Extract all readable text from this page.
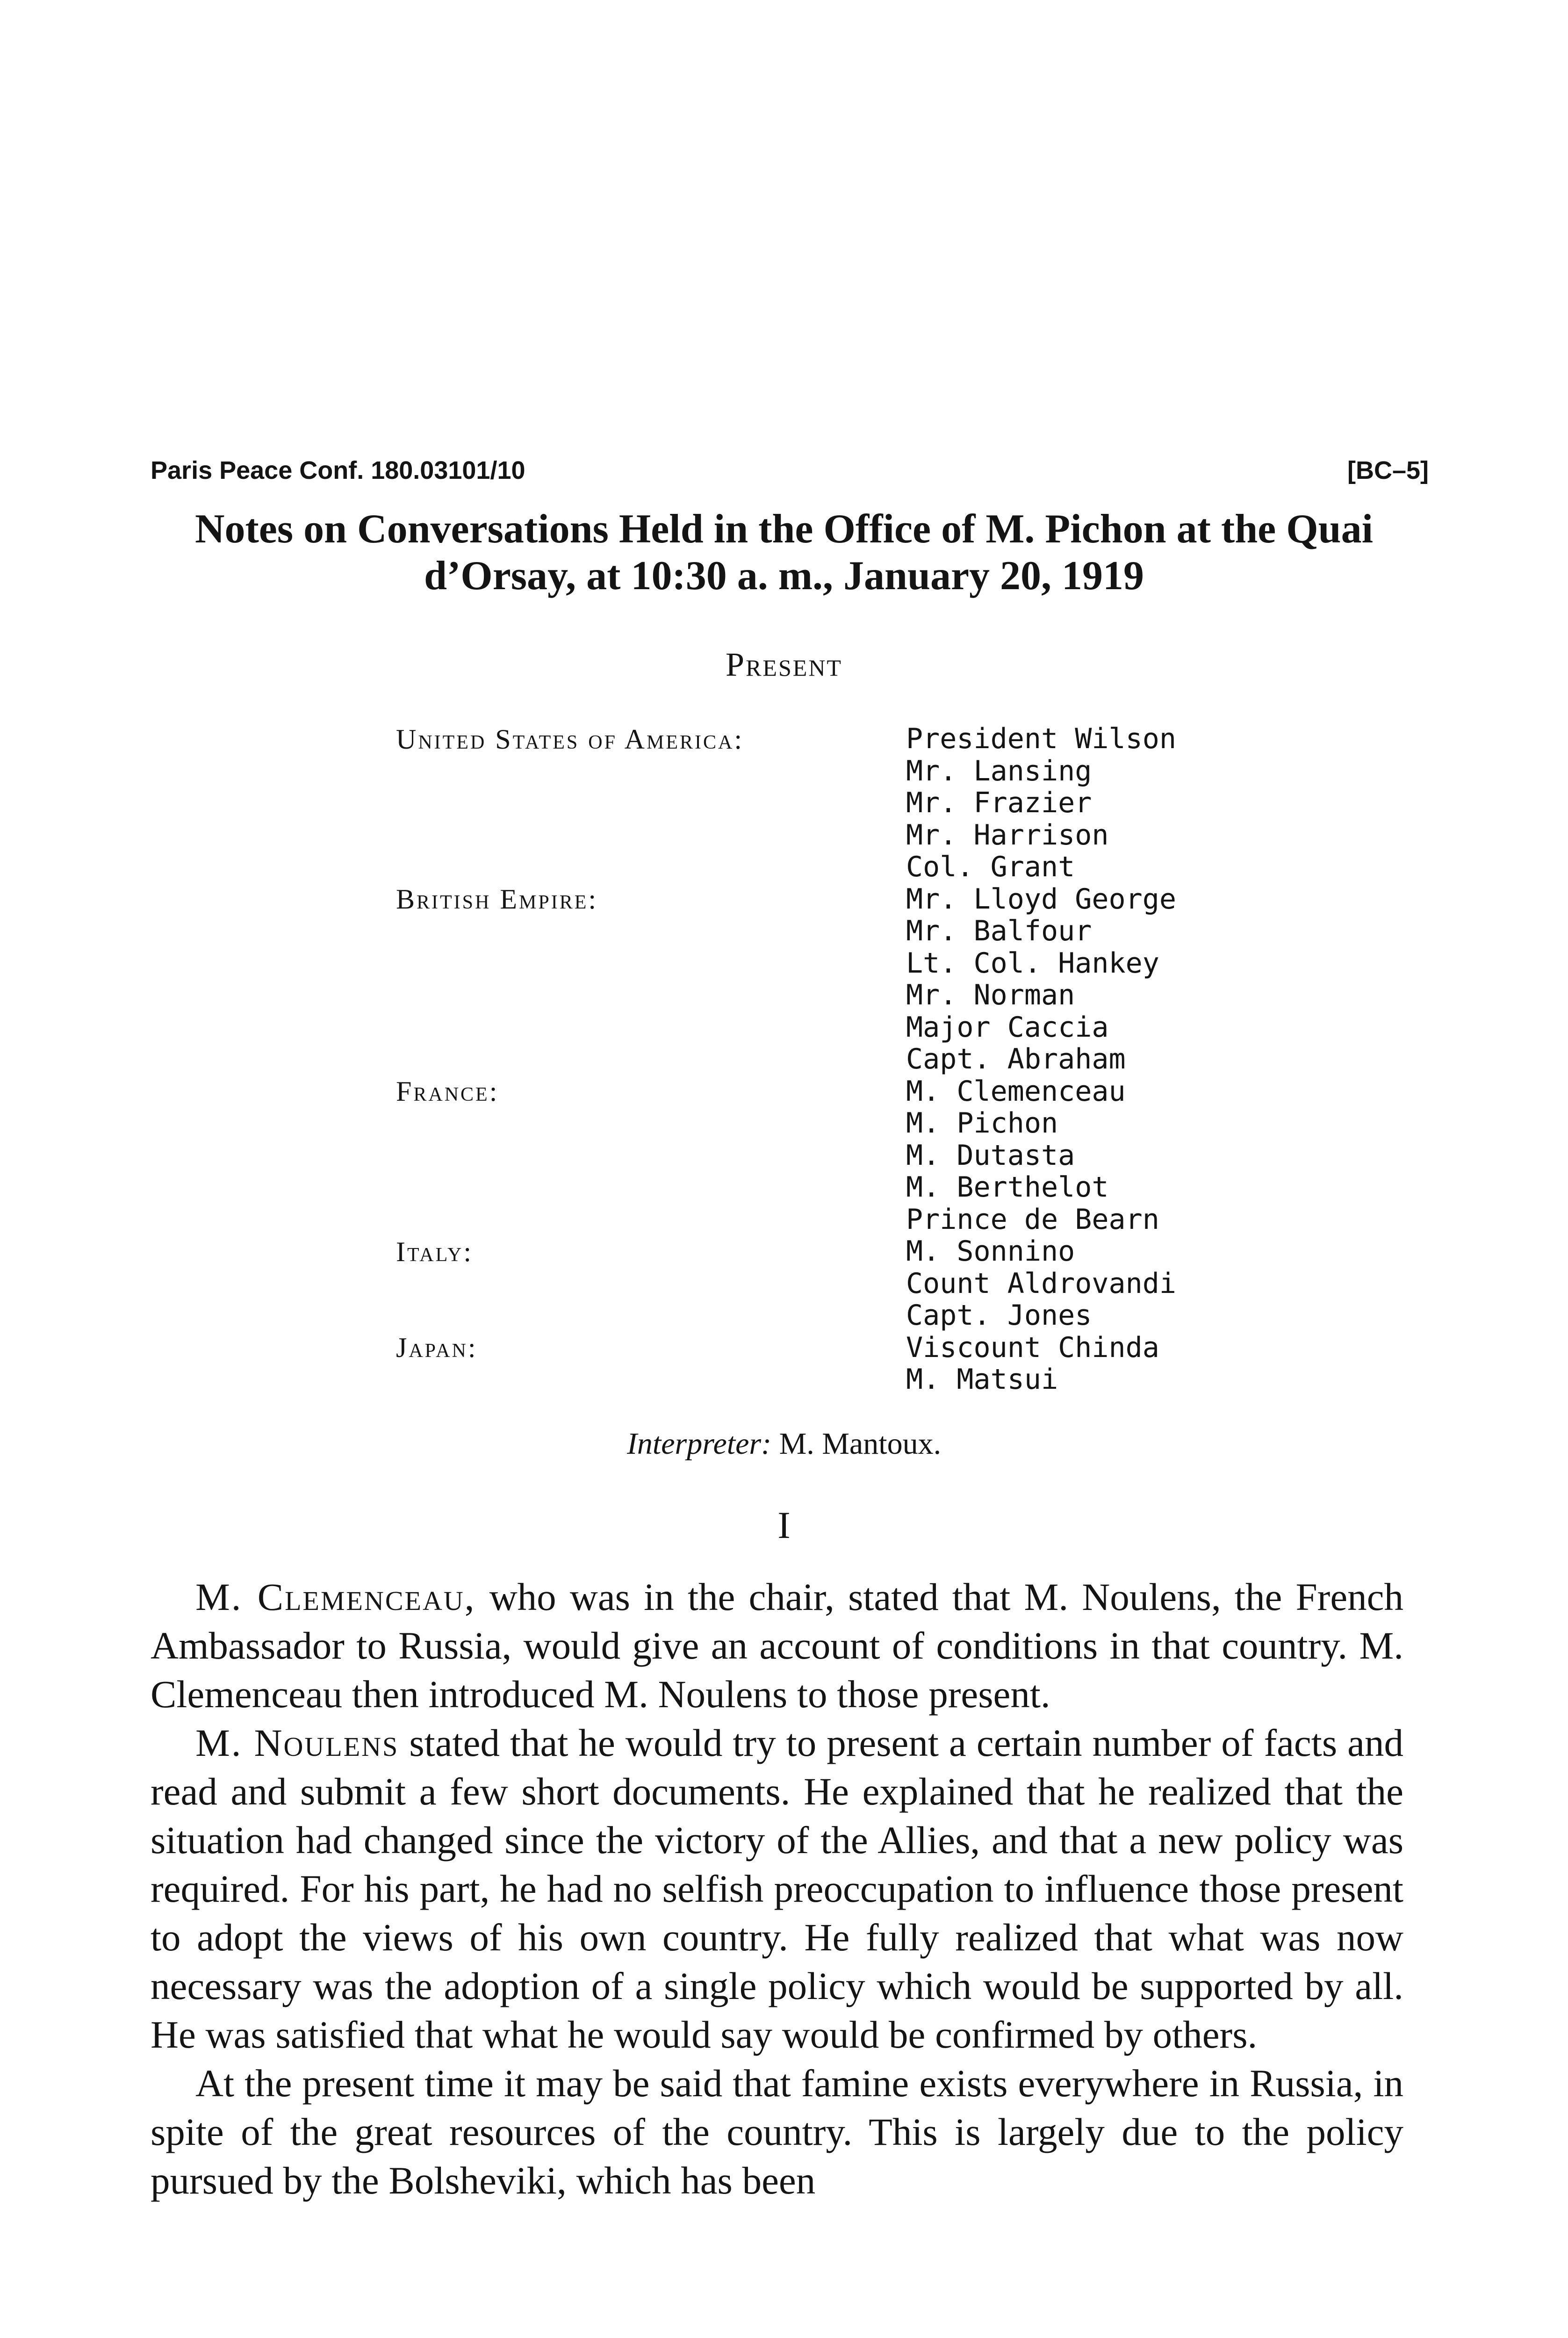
Paris Peace Conf. 180.03101/10	[BC–5]
Notes on Conversations Held in the Office of M. Pichon at the Quai
d’Orsay, at 10:30 a. m., January 20, 1919
Present
United States of America:
British Empire:
France:
Italy:
Japan:
President Wilson
Mr. Lansing
Mr. Frazier
Mr. Harrison
Col. Grant
Mr. Lloyd George
Mr. Balfour
Lt. Col. Hankey
Mr. Norman
Major Caccia
Capt. Abraham
M. Clemenceau
M. Pichon
M. Dutasta
M. Berthelot
Prince de Bearn
M. Sonnino
Count Aldrovandi
Capt. Jones
Viscount Chinda
M. Matsui
Interpreter: M. Mantoux.
I

M. Clemenceau, who was in the chair, stated that M. Noulens, the French Ambassador to Russia, would give an account of conditions in that country. M. Clemenceau then introduced M. Noulens to those present.

M. Noulens stated that he would try to present a certain number of facts and read and submit a few short documents. He explained that he realized that the situation had changed since the victory of the Allies, and that a new policy was required. For his part, he had no selfish preoccupation to influence those present to adopt the views of his own country. He fully realized that what was now necessary was the adoption of a single policy which would be supported by all. He was satisfied that what he would say would be confirmed by others.

At the present time it may be said that famine exists everywhere in Russia, in spite of the great resources of the country. This is largely due to the policy pursued by the Bolsheviki, which has been
